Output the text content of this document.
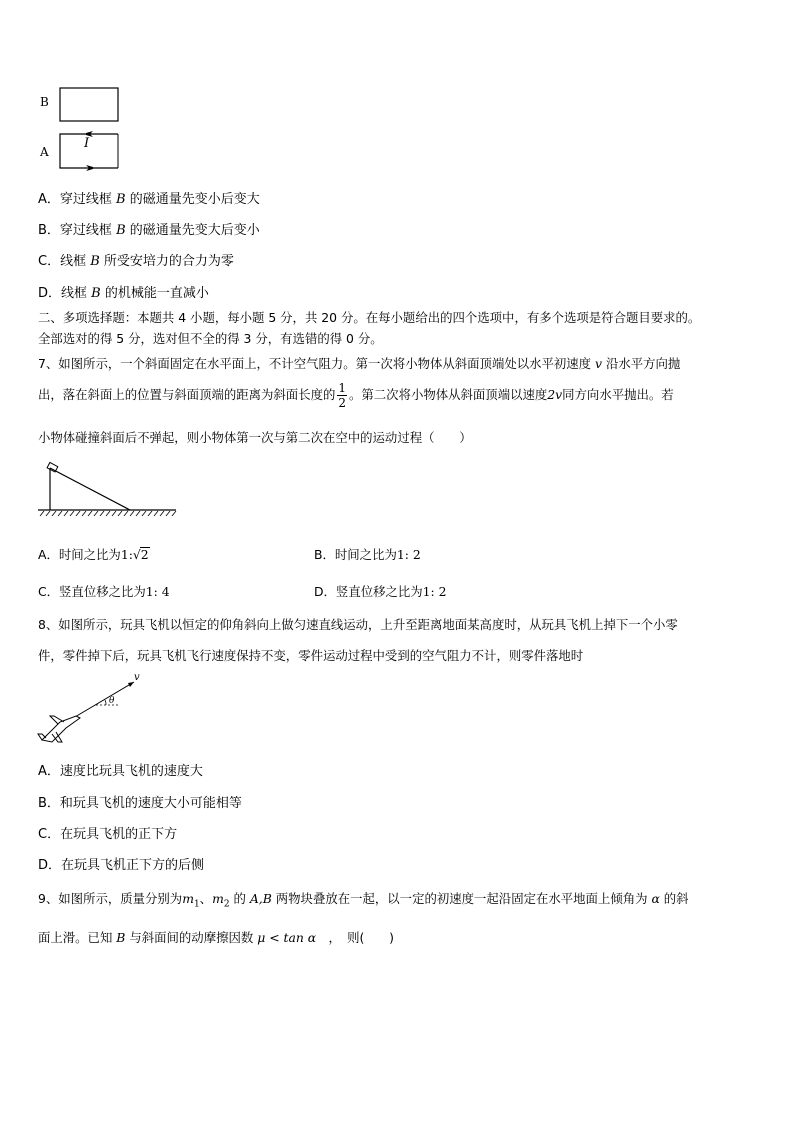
B
A
I
A．穿过线框 B 的磁通量先变小后变大
B．穿过线框 B 的磁通量先变大后变小
C．线框 B 所受安培力的合力为零
D．线框 B 的机械能一直减小
二、多项选择题：本题共 4 小题，每小题 5 分，共 20 分。在每小题给出的四个选项中，有多个选项是符合题目要求的。
全部选对的得 5 分，选对但不全的得 3 分，有选错的得 0 分。
7、如图所示，一个斜面固定在水平面上，不计空气阻力。第一次将小物体从斜面顶端处以水平初速度 v 沿水平方向抛
出，落在斜面上的位置与斜面顶端的距离为斜面长度的 $\frac{1}{2}$ 。第二次将小物体从斜面顶端以速度2v同方向水平抛出。若
小物体碰撞斜面后不弹起，则小物体第一次与第二次在空中的运动过程（　　）
A．时间之比为1:√2	B．时间之比为1: 2
C．竖直位移之比为1: 4	D．竖直位移之比为1: 2
8、如图所示，玩具飞机以恒定的仰角斜向上做匀速直线运动，上升至距离地面某高度时，从玩具飞机上掉下一个小零
件，零件掉下后，玩具飞机飞行速度保持不变，零件运动过程中受到的空气阻力不计，则零件落地时
v
θ
A．速度比玩具飞机的速度大
B．和玩具飞机的速度大小可能相等
C．在玩具飞机的正下方
D．在玩具飞机正下方的后侧
9、如图所示，质量分别为$m_1$、$m_2$ 的 A,B 两物块叠放在一起，以一定的初速度一起沿固定在水平地面上倾角为 α 的斜
面上滑。已知 B 与斜面间的动摩擦因数 μ < tan α　，　则(　　)
